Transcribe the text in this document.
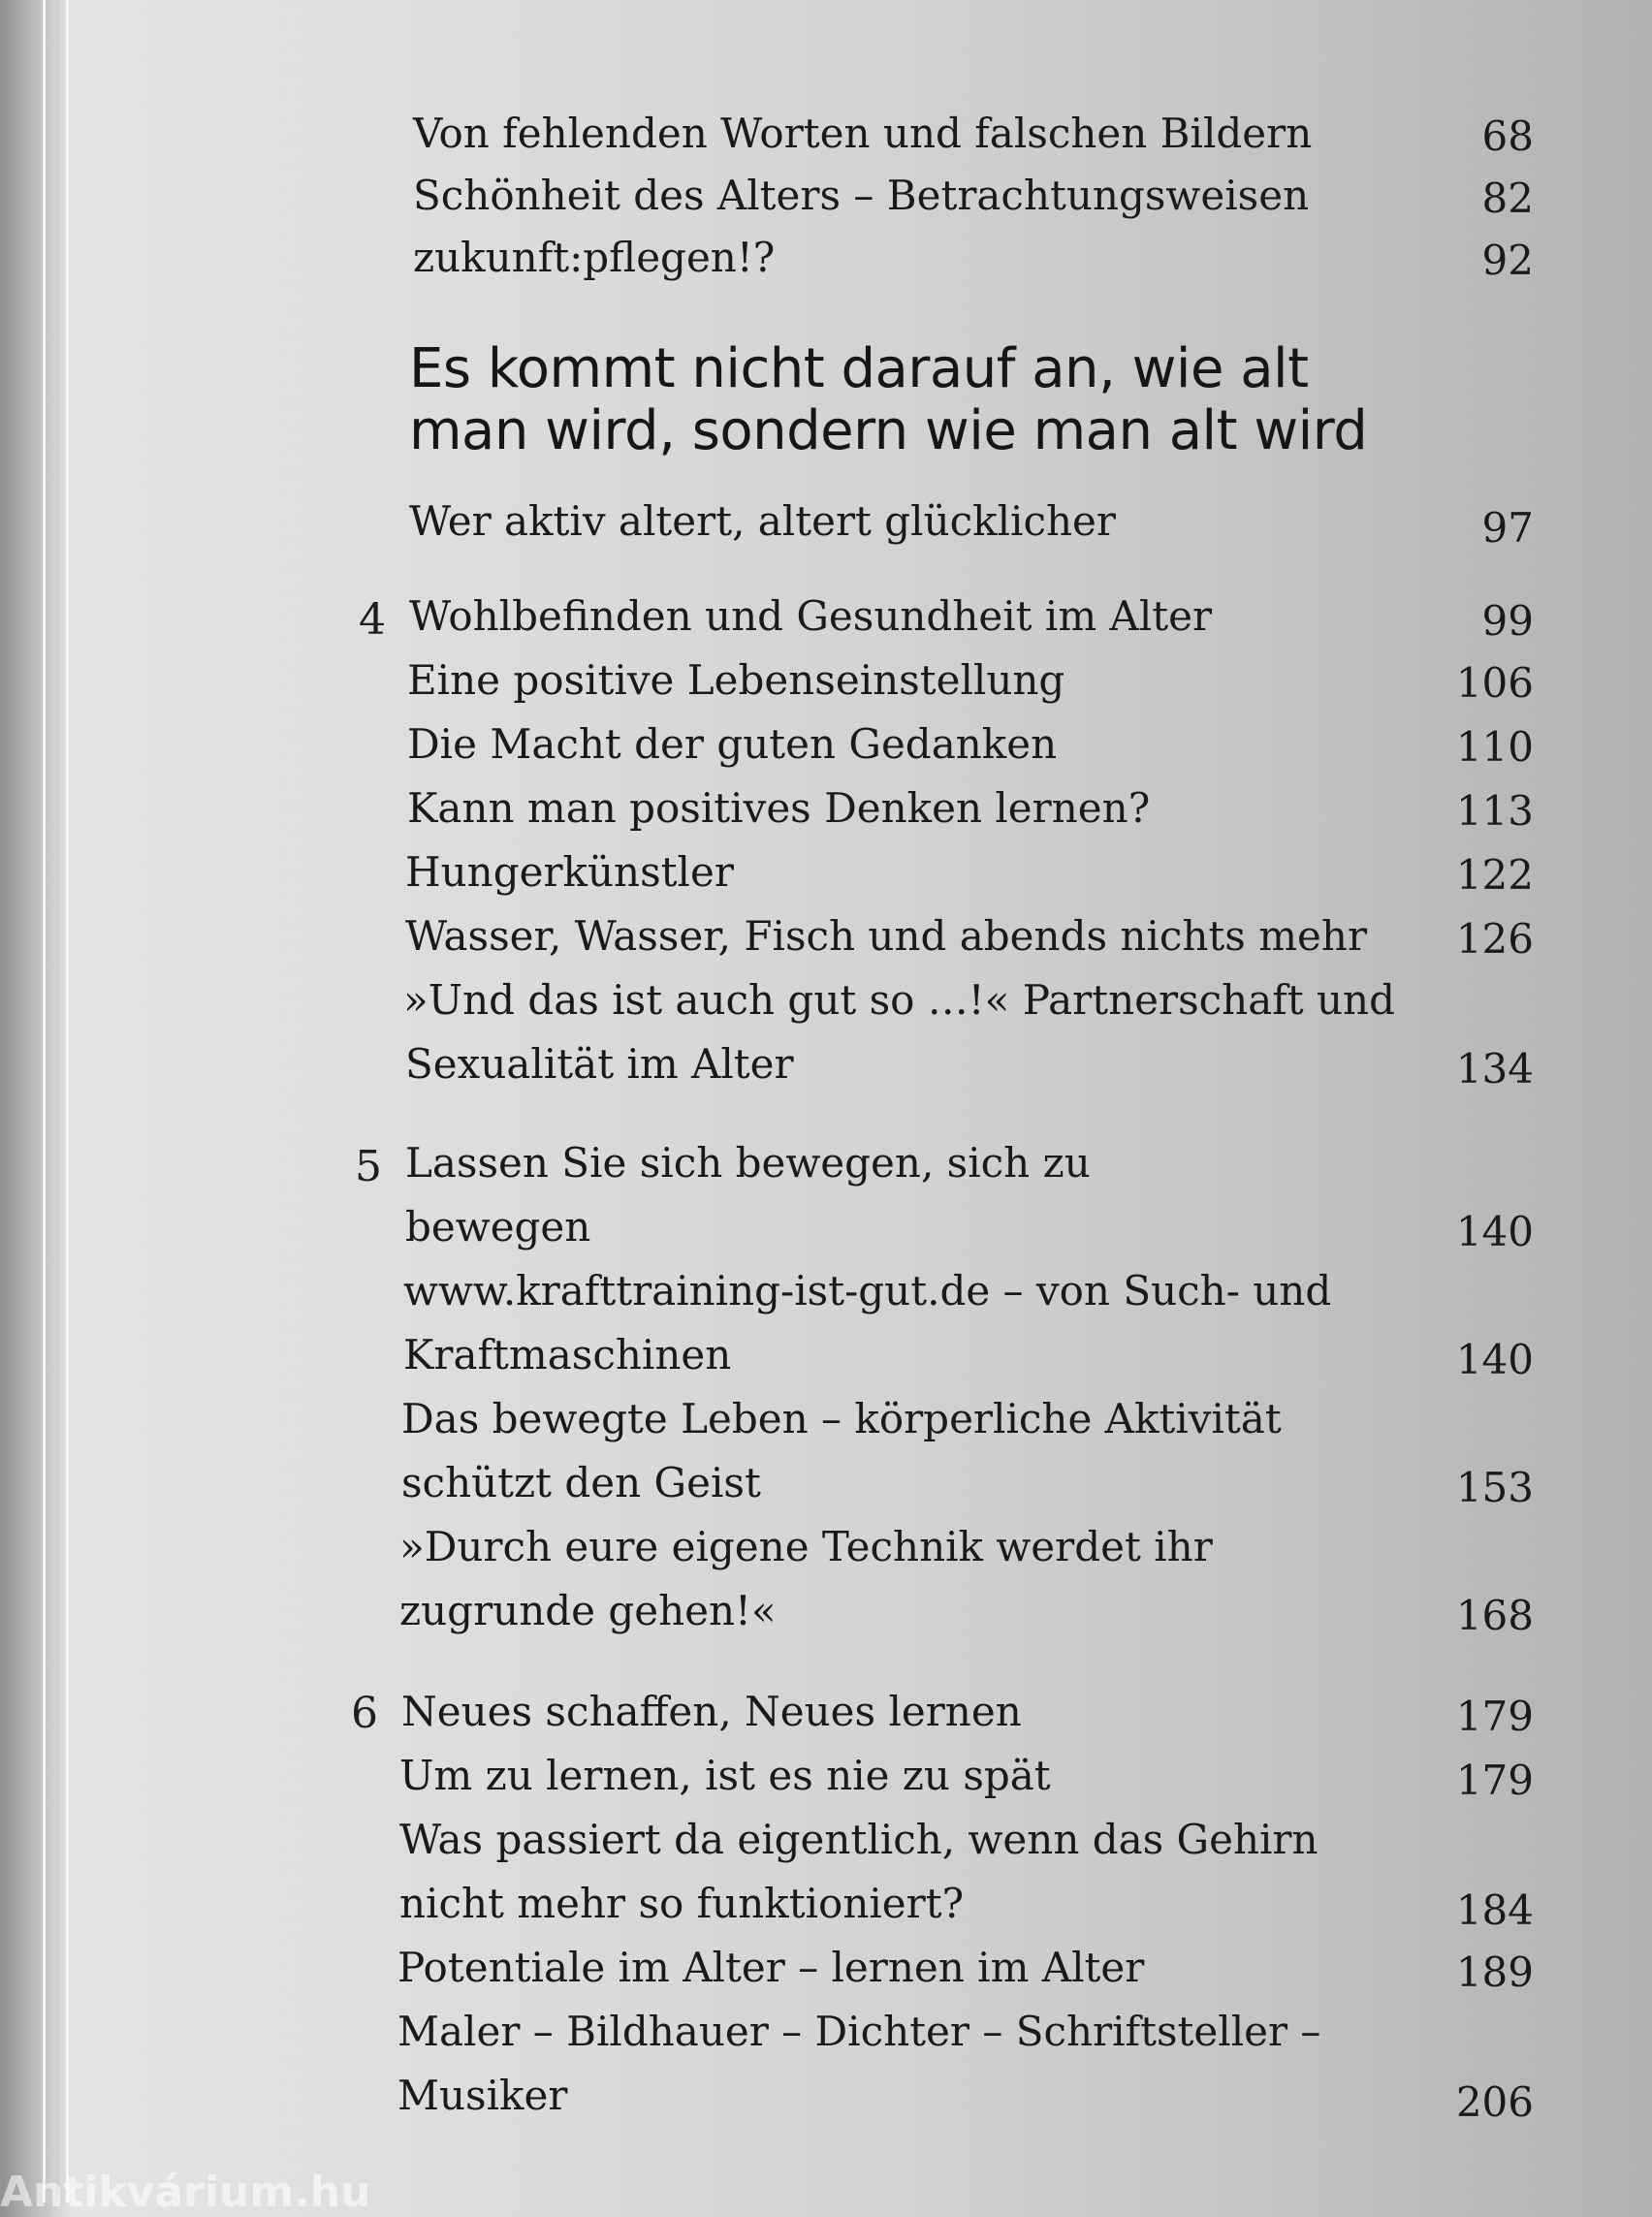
Von fehlenden Worten und falschen Bildern	68
Schönheit des Alters – Betrachtungsweisen	82
zukunft:pflegen!?	92
Es kommt nicht darauf an, wie alt
man wird, sondern wie man alt wird
Wer aktiv altert, altert glücklicher	97
4 Wohlbefinden und Gesundheit im Alter	99
Eine positive Lebenseinstellung	106
Die Macht der guten Gedanken	110
Kann man positives Denken lernen?	113
Hungerkünstler	122
Wasser, Wasser, Fisch und abends nichts mehr 126
»Und das ist auch gut so …!« Partnerschaft und
Sexualität im Alter	134
5 Lassen Sie sich bewegen, sich zu
bewegen	140
www.krafttraining-ist-gut.de – von Such- und
Kraftmaschinen	140
Das bewegte Leben – körperliche Aktivität
schützt den Geist	153
»Durch eure eigene Technik werdet ihr
zugrunde gehen!«	168
6 Neues schaffen, Neues lernen	179
Um zu lernen, ist es nie zu spät	179
Was passiert da eigentlich, wenn das Gehirn
nicht mehr so funktioniert?	184
Potentiale im Alter – lernen im Alter	189
Maler – Bildhauer – Dichter – Schriftsteller –
Musiker	206
Antikvárium.hu
